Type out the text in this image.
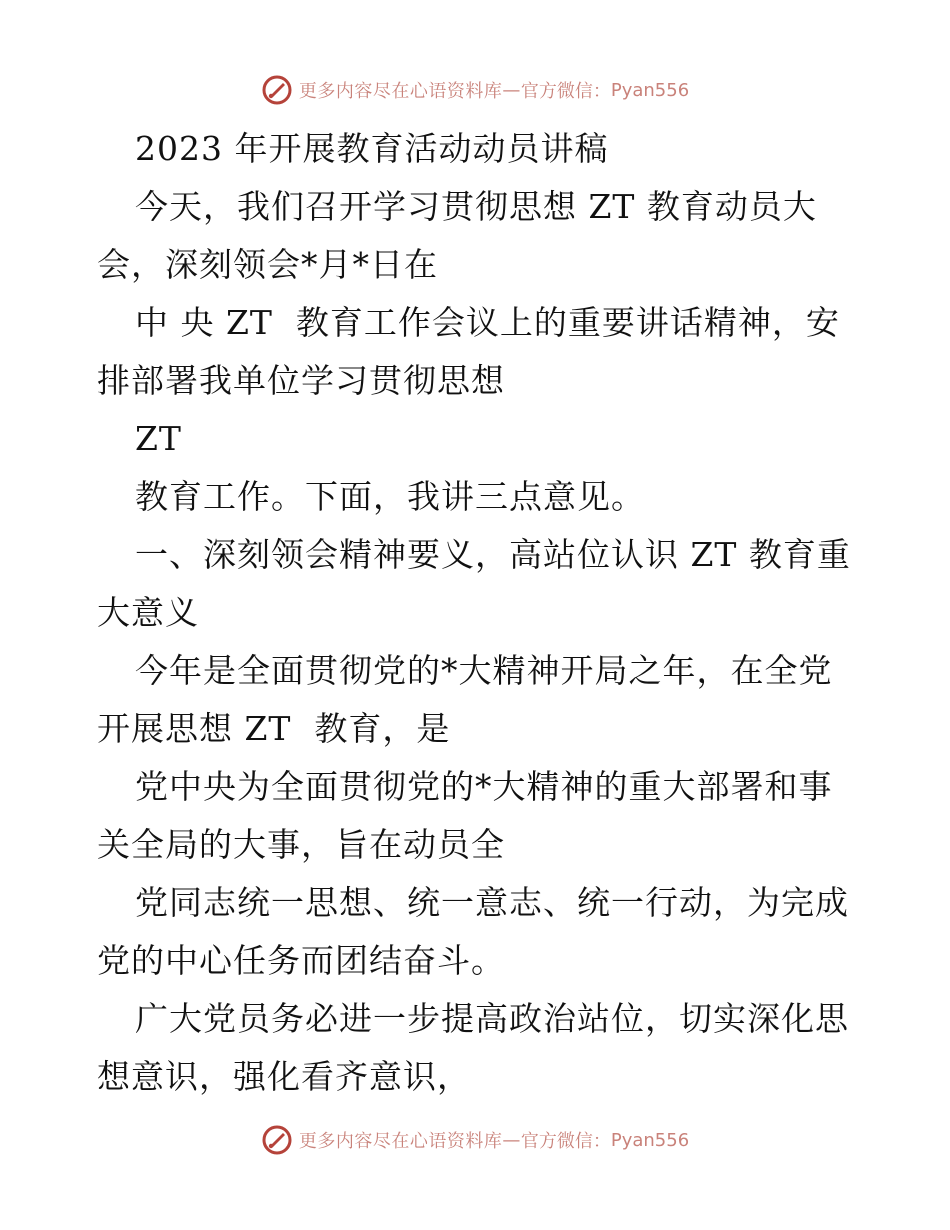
更多内容尽在心语资料库 — 官方微信： Pyan556
2023 年开展教育活动动员讲稿
今天，我们召开学习贯彻思想 ZT 教育动员大
会，深刻领会*月*日在
中 央 ZT  教育工作会议上的重要讲话精神，安
排部署我单位学习贯彻思想
ZT
教育工作。下面，我讲三点意见。
一、深刻领会精神要义，高站位认识 ZT 教育重
大意义
今年是全面贯彻党的*大精神开局之年，在全党
开展思想 ZT  教育，是
党中央为全面贯彻党的*大精神的重大部署和事
关全局的大事，旨在动员全
党同志统一思想、统一意志、统一行动，为完成
党的中心任务而团结奋斗。
广大党员务必进一步提高政治站位，切实深化思
想意识，强化看齐意识，
更多内容尽在心语资料库 — 官方微信： Pyan556
